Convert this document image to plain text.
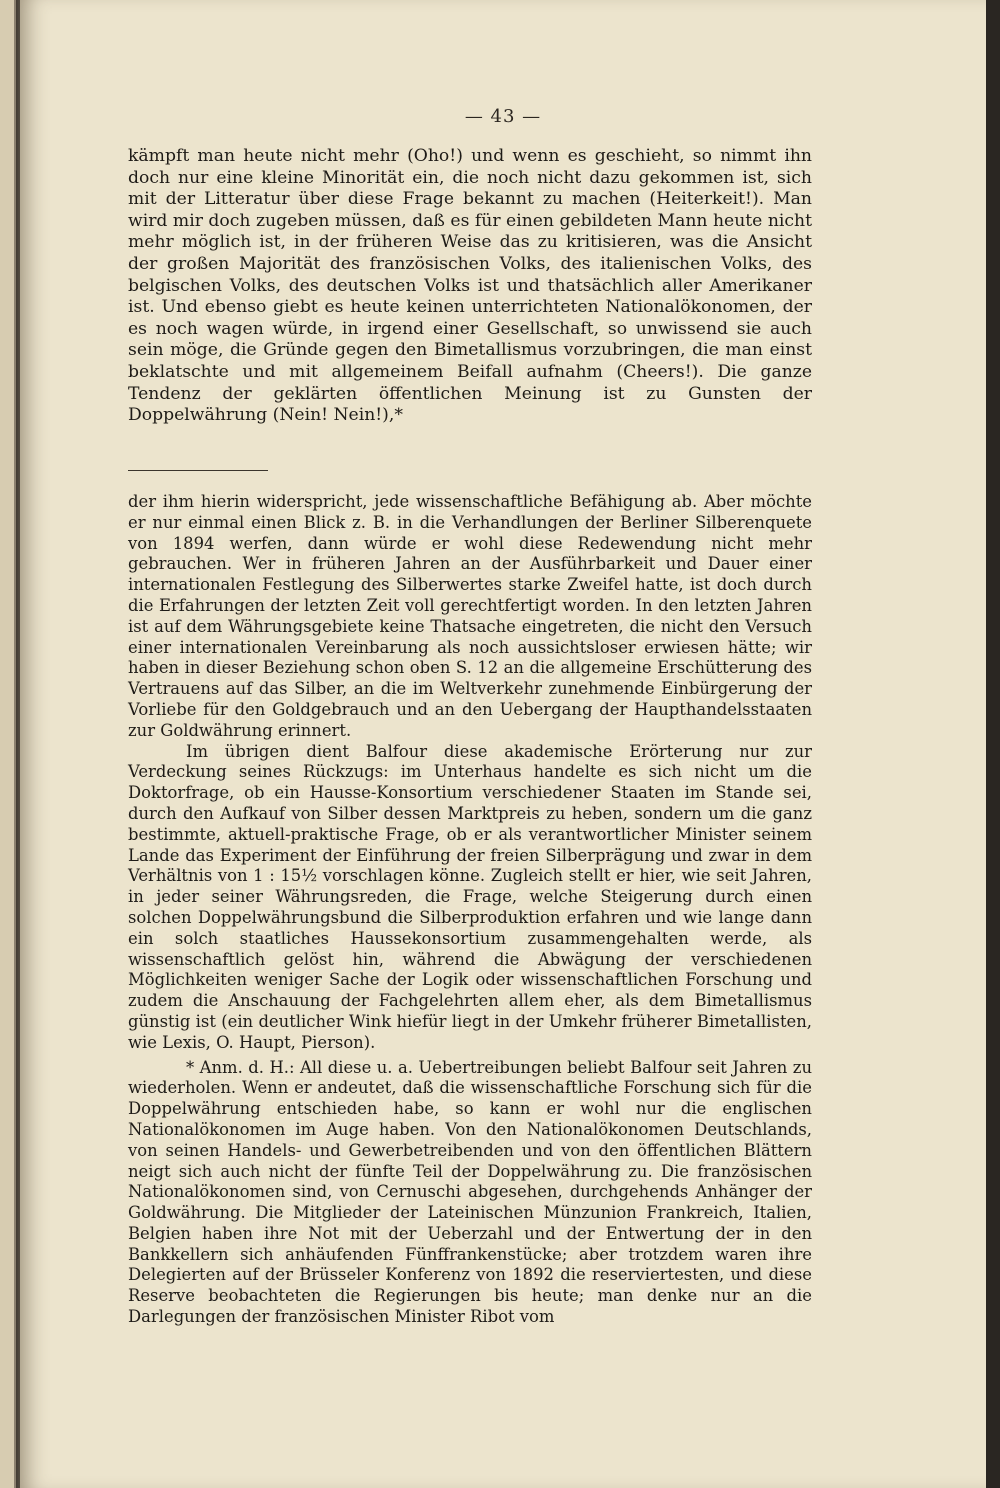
— 43 —

kämpft man heute nicht mehr (Oho!) und wenn es geschieht, so nimmt ihn doch nur eine kleine Minorität ein, die noch nicht dazu gekommen ist, sich mit der Litteratur über diese Frage bekannt zu machen (Heiterkeit!). Man wird mir doch zugeben müssen, daß es für einen gebildeten Mann heute nicht mehr möglich ist, in der früheren Weise das zu kritisieren, was die Ansicht der großen Majorität des französischen Volks, des italienischen Volks, des belgischen Volks, des deutschen Volks ist und thatsächlich aller Amerikaner ist. Und ebenso giebt es heute keinen unterrichteten Nationalökonomen, der es noch wagen würde, in irgend einer Gesellschaft, so unwissend sie auch sein möge, die Gründe gegen den Bimetallismus vorzubringen, die man einst beklatschte und mit allgemeinem Beifall aufnahm (Cheers!). Die ganze Tendenz der geklärten öffentlichen Meinung ist zu Gunsten der Doppelwährung (Nein! Nein!),*

der ihm hierin widerspricht, jede wissenschaftliche Befähigung ab. Aber möchte er nur einmal einen Blick z. B. in die Verhandlungen der Berliner Silberenquete von 1894 werfen, dann würde er wohl diese Redewendung nicht mehr gebrauchen. Wer in früheren Jahren an der Ausführbarkeit und Dauer einer internationalen Festlegung des Silberwertes starke Zweifel hatte, ist doch durch die Erfahrungen der letzten Zeit voll gerechtfertigt worden. In den letzten Jahren ist auf dem Währungsgebiete keine Thatsache eingetreten, die nicht den Versuch einer internationalen Vereinbarung als noch aussichtsloser erwiesen hätte; wir haben in dieser Beziehung schon oben S. 12 an die allgemeine Erschütterung des Vertrauens auf das Silber, an die im Weltverkehr zunehmende Einbürgerung der Vorliebe für den Goldgebrauch und an den Uebergang der Haupthandelsstaaten zur Goldwährung erinnert.

Im übrigen dient Balfour diese akademische Erörterung nur zur Verdeckung seines Rückzugs: im Unterhaus handelte es sich nicht um die Doktorfrage, ob ein Hausse-Konsortium verschiedener Staaten im Stande sei, durch den Aufkauf von Silber dessen Marktpreis zu heben, sondern um die ganz bestimmte, aktuell-praktische Frage, ob er als verantwortlicher Minister seinem Lande das Experiment der Einführung der freien Silberprägung und zwar in dem Verhältnis von 1 : 15½ vorschlagen könne. Zugleich stellt er hier, wie seit Jahren, in jeder seiner Währungsreden, die Frage, welche Steigerung durch einen solchen Doppelwährungsbund die Silberproduktion erfahren und wie lange dann ein solch staatliches Haussekonsortium zusammengehalten werde, als wissenschaftlich gelöst hin, während die Abwägung der verschiedenen Möglichkeiten weniger Sache der Logik oder wissenschaftlichen Forschung und zudem die Anschauung der Fachgelehrten allem eher, als dem Bimetallismus günstig ist (ein deutlicher Wink hiefür liegt in der Umkehr früherer Bimetallisten, wie Lexis, O. Haupt, Pierson).

* Anm. d. H.: All diese u. a. Uebertreibungen beliebt Balfour seit Jahren zu wiederholen. Wenn er andeutet, daß die wissenschaftliche Forschung sich für die Doppelwährung entschieden habe, so kann er wohl nur die englischen Nationalökonomen im Auge haben. Von den Nationalökonomen Deutschlands, von seinen Handels- und Gewerbetreibenden und von den öffentlichen Blättern neigt sich auch nicht der fünfte Teil der Doppelwährung zu. Die französischen Nationalökonomen sind, von Cernuschi abgesehen, durchgehends Anhänger der Goldwährung. Die Mitglieder der Lateinischen Münzunion Frankreich, Italien, Belgien haben ihre Not mit der Ueberzahl und der Entwertung der in den Bankkellern sich anhäufenden Fünffrankenstücke; aber trotzdem waren ihre Delegierten auf der Brüsseler Konferenz von 1892 die reserviertesten, und diese Reserve beobachteten die Regierungen bis heute; man denke nur an die Darlegungen der französischen Minister Ribot vom
